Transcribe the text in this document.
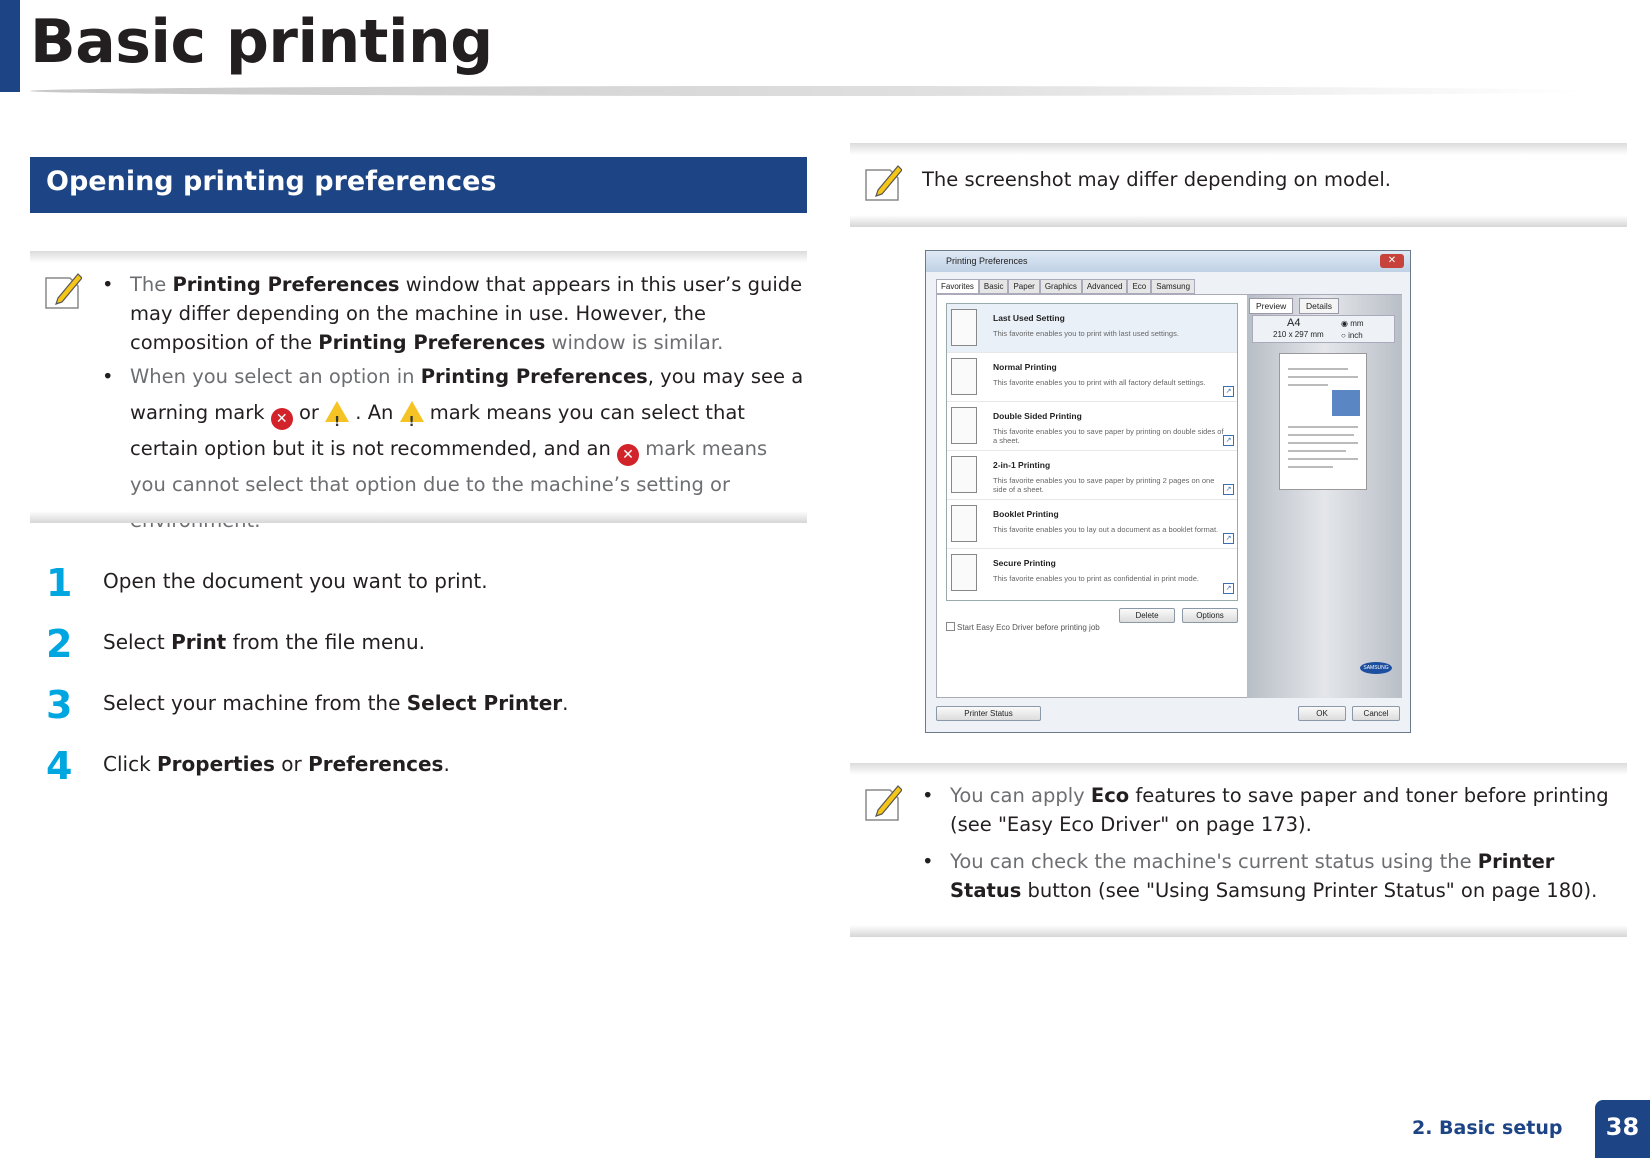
Basic printing
Opening printing preferences
• The Printing Preferences window that appears in this user’s guide may differ depending on the machine in use. However, the composition of the Printing Preferences window is similar.
• When you select an option in Printing Preferences, you may see a warning mark ✕ or ! . An ! mark means you can select that certain option but it is not recommended, and an ✕ mark means you cannot select that option due to the machine’s setting or
1	Open the document you want to print.
2	Select Print from the file menu.
3	Select your machine from the Select Printer.
4	Click Properties or Preferences.
The screenshot may differ depending on model.
Printing Preferences	✕
Favorites Basic Paper Graphics Advanced Eco Samsung
Last Used Setting
This favorite enables you to print with last used settings.
Normal Printing
This favorite enables you to print with all factory default settings.
↗
Double Sided Printing
This favorite enables you to save paper by printing on double sides of a sheet.	↗
2-in-1 Printing
This favorite enables you to save paper by printing 2 pages on one side of a sheet.	↗
Booklet Printing
This favorite enables you to lay out a document as a booklet format.
↗
Secure Printing
This favorite enables you to print as confidential in print mode.
↗
Delete	Options
Start Easy Eco Driver before printing job
Preview	Details
A4
210 x 297 mm
◉ mm
○ inch
SAMSUNG
Printer Status	OK	Cancel
• You can apply Eco features to save paper and toner before printing (see "Easy Eco Driver" on page 173).
• You can check the machine's current status using the Printer Status button (see "Using Samsung Printer Status" on page 180).
2. Basic setup	38
